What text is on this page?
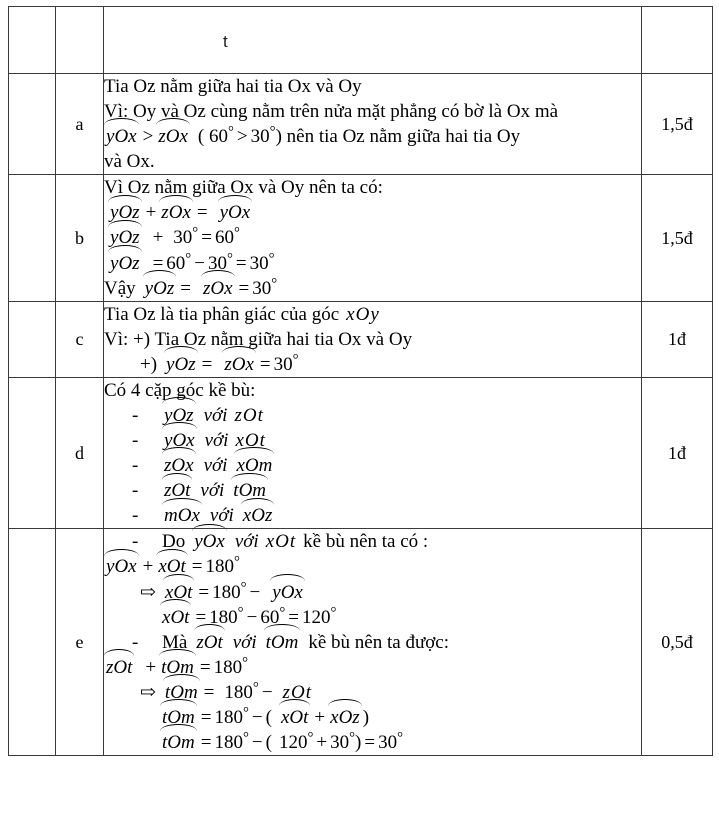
		t	

	a	Tia Oz nằm giữa hai tia Ox và Oy
Vì: Oy và Oz cùng nằm trên nửa mặt phẳng có bờ là Ox mà
yOx > zOx ( 60° > 30°) nên tia Oz nằm giữa hai tia Oy
và Ox.	1,5đ
	b	
Vì Oz nằm giữa Ox và Oy nên ta có:
yOz + zOx = yOx
yOz + 30° = 60°
yOz = 60° − 30° = 30°
Vậy yOz = zOx = 30°
	1,5đ
	c	
Tia Oz là tia phân giác của góc x
Oy
Vì: +) Tia Oz nằm giữa hai tia Ox và Oy
+) yOz = zOx = 30°
	1đ
	d	
Có 4 cặp góc kề bù:
- yOz với z
Ot
- yOx với x
Ot
- zOx với xOm
- zOt với tOm
- mOx với xOz
	1đ
	e	
- Do yOx với x
Ot kề bù nên ta có :
yOx + xOt = 180°
⇨ xOt = 180° − yOx
xOt = 180° − 60° = 120°
- Mà zOt với tOm kề bù nên ta được:
zOt + tOm = 180°
⇨ tOm = 180° − z
Ot
tOm = 180° − ( xOt + xOz )
tOm = 180° − ( 120° + 30°) = 30°
	0,5đ
